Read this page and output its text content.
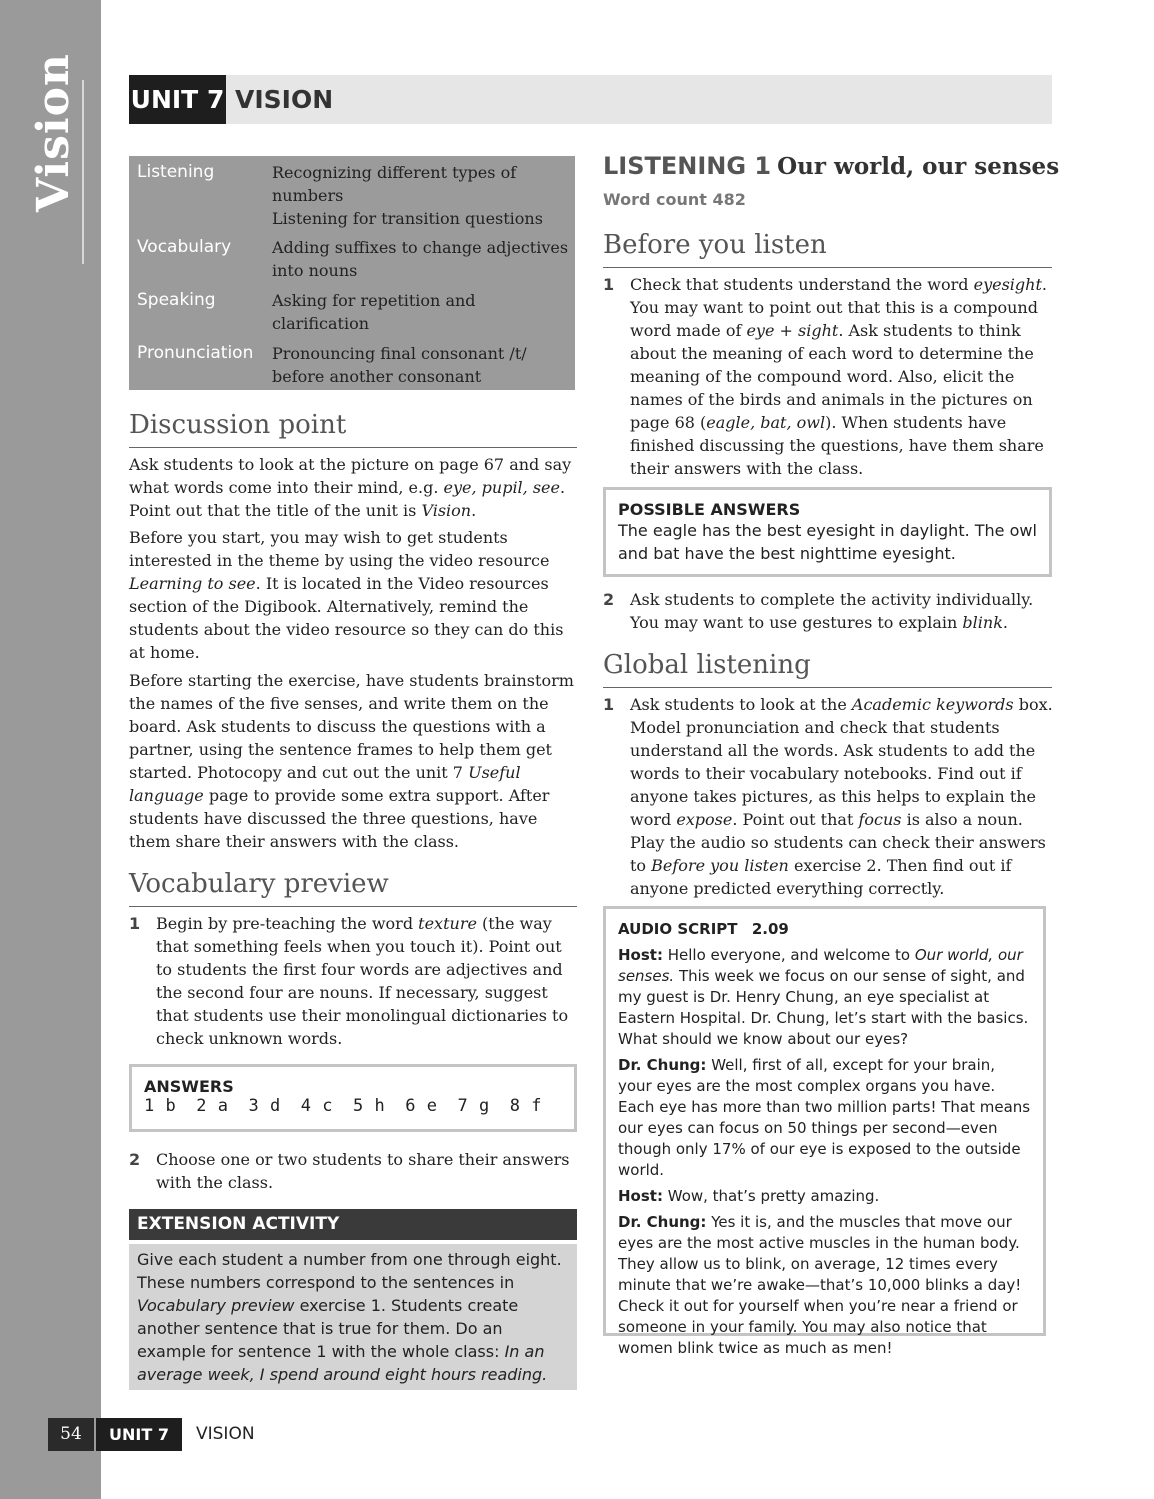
Vision UNIT 7 VISION
Listening	Recognizing different types of
numbers
Listening for transition questions
Vocabulary	Adding suffixes to change adjectives
into nouns
Speaking	Asking for repetition and
clarification
Pronunciation Pronouncing final consonant /t/
before another consonant
Discussion point

Ask students to look at the picture on page 67 and say what words come into their mind, e.g. eye, pupil, see. Point out that the title of the unit is Vision.

Before you start, you may wish to get students interested in the theme by using the video resource Learning to see. It is located in the Video resources section of the Digibook. Alternatively, remind the students about the video resource so they can do this at home.

Before starting the exercise, have students brainstorm the names of the five senses, and write them on the board. Ask students to discuss the questions with a partner, using the sentence frames to help them get started. Photocopy and cut out the unit 7 Useful language page to provide some extra support. After students have discussed the three questions, have them share their answers with the class.

Vocabulary preview
1 Begin by pre-teaching the word texture (the way that something feels when you touch it). Point out to students the first four words are adjectives and the second four are nouns. If necessary, suggest that students use their monolingual dictionaries to check unknown words.

ANSWERS
1 b	2 a	3 d	4 c	5 h	6 e	7 g	8 f
2 Choose one or two students to share their answers with the class.

EXTENSION ACTIVITY
Give each student a number from one through eight. These numbers correspond to the sentences in Vocabulary preview exercise 1. Students create another sentence that is true for them. Do an example for sentence 1 with the whole class: In an average week, I spend around eight hours reading.
LISTENING 1 Our world, our senses
Word count 482
Before you listen
1 Check that students understand the word eyesight. You may want to point out that this is a compound word made of eye + sight. Ask students to think about the meaning of each word to determine the meaning of the compound word. Also, elicit the names of the birds and animals in the pictures on page 68 (eagle, bat, owl). When students have finished discussing the questions, have them share their answers with the class.

POSSIBLE ANSWERS
The eagle has the best eyesight in daylight. The owl and bat have the best nighttime eyesight.
2 Ask students to complete the activity individually. You may want to use gestures to explain blink.

Global listening
1 Ask students to look at the Academic keywords box. Model pronunciation and check that students understand all the words. Ask students to add the words to their vocabulary notebooks. Find out if anyone takes pictures, as this helps to explain the word expose. Point out that focus is also a noun. Play the audio so students can check their answers to Before you listen exercise 2. Then find out if anyone predicted everything correctly.

AUDIO SCRIPT 2.09

Host: Hello everyone, and welcome to Our world, our senses. This week we focus on our sense of sight, and my guest is Dr. Henry Chung, an eye specialist at Eastern Hospital. Dr. Chung, let’s start with the basics. What should we know about our eyes?

Dr. Chung: Well, first of all, except for your brain, your eyes are the most complex organs you have. Each eye has more than two million parts! That means our eyes can focus on 50 things per second—even though only 17% of our eye is exposed to the outside world.

Host: Wow, that’s pretty amazing.

Dr. Chung: Yes it is, and the muscles that move our eyes are the most active muscles in the human body. They allow us to blink, on average, 12 times every minute that we’re awake—that’s 10,000 blinks a day! Check it out for yourself when you’re near a friend or someone in your family. You may also notice that women blink twice as much as men!

54	UNIT 7	VISION
